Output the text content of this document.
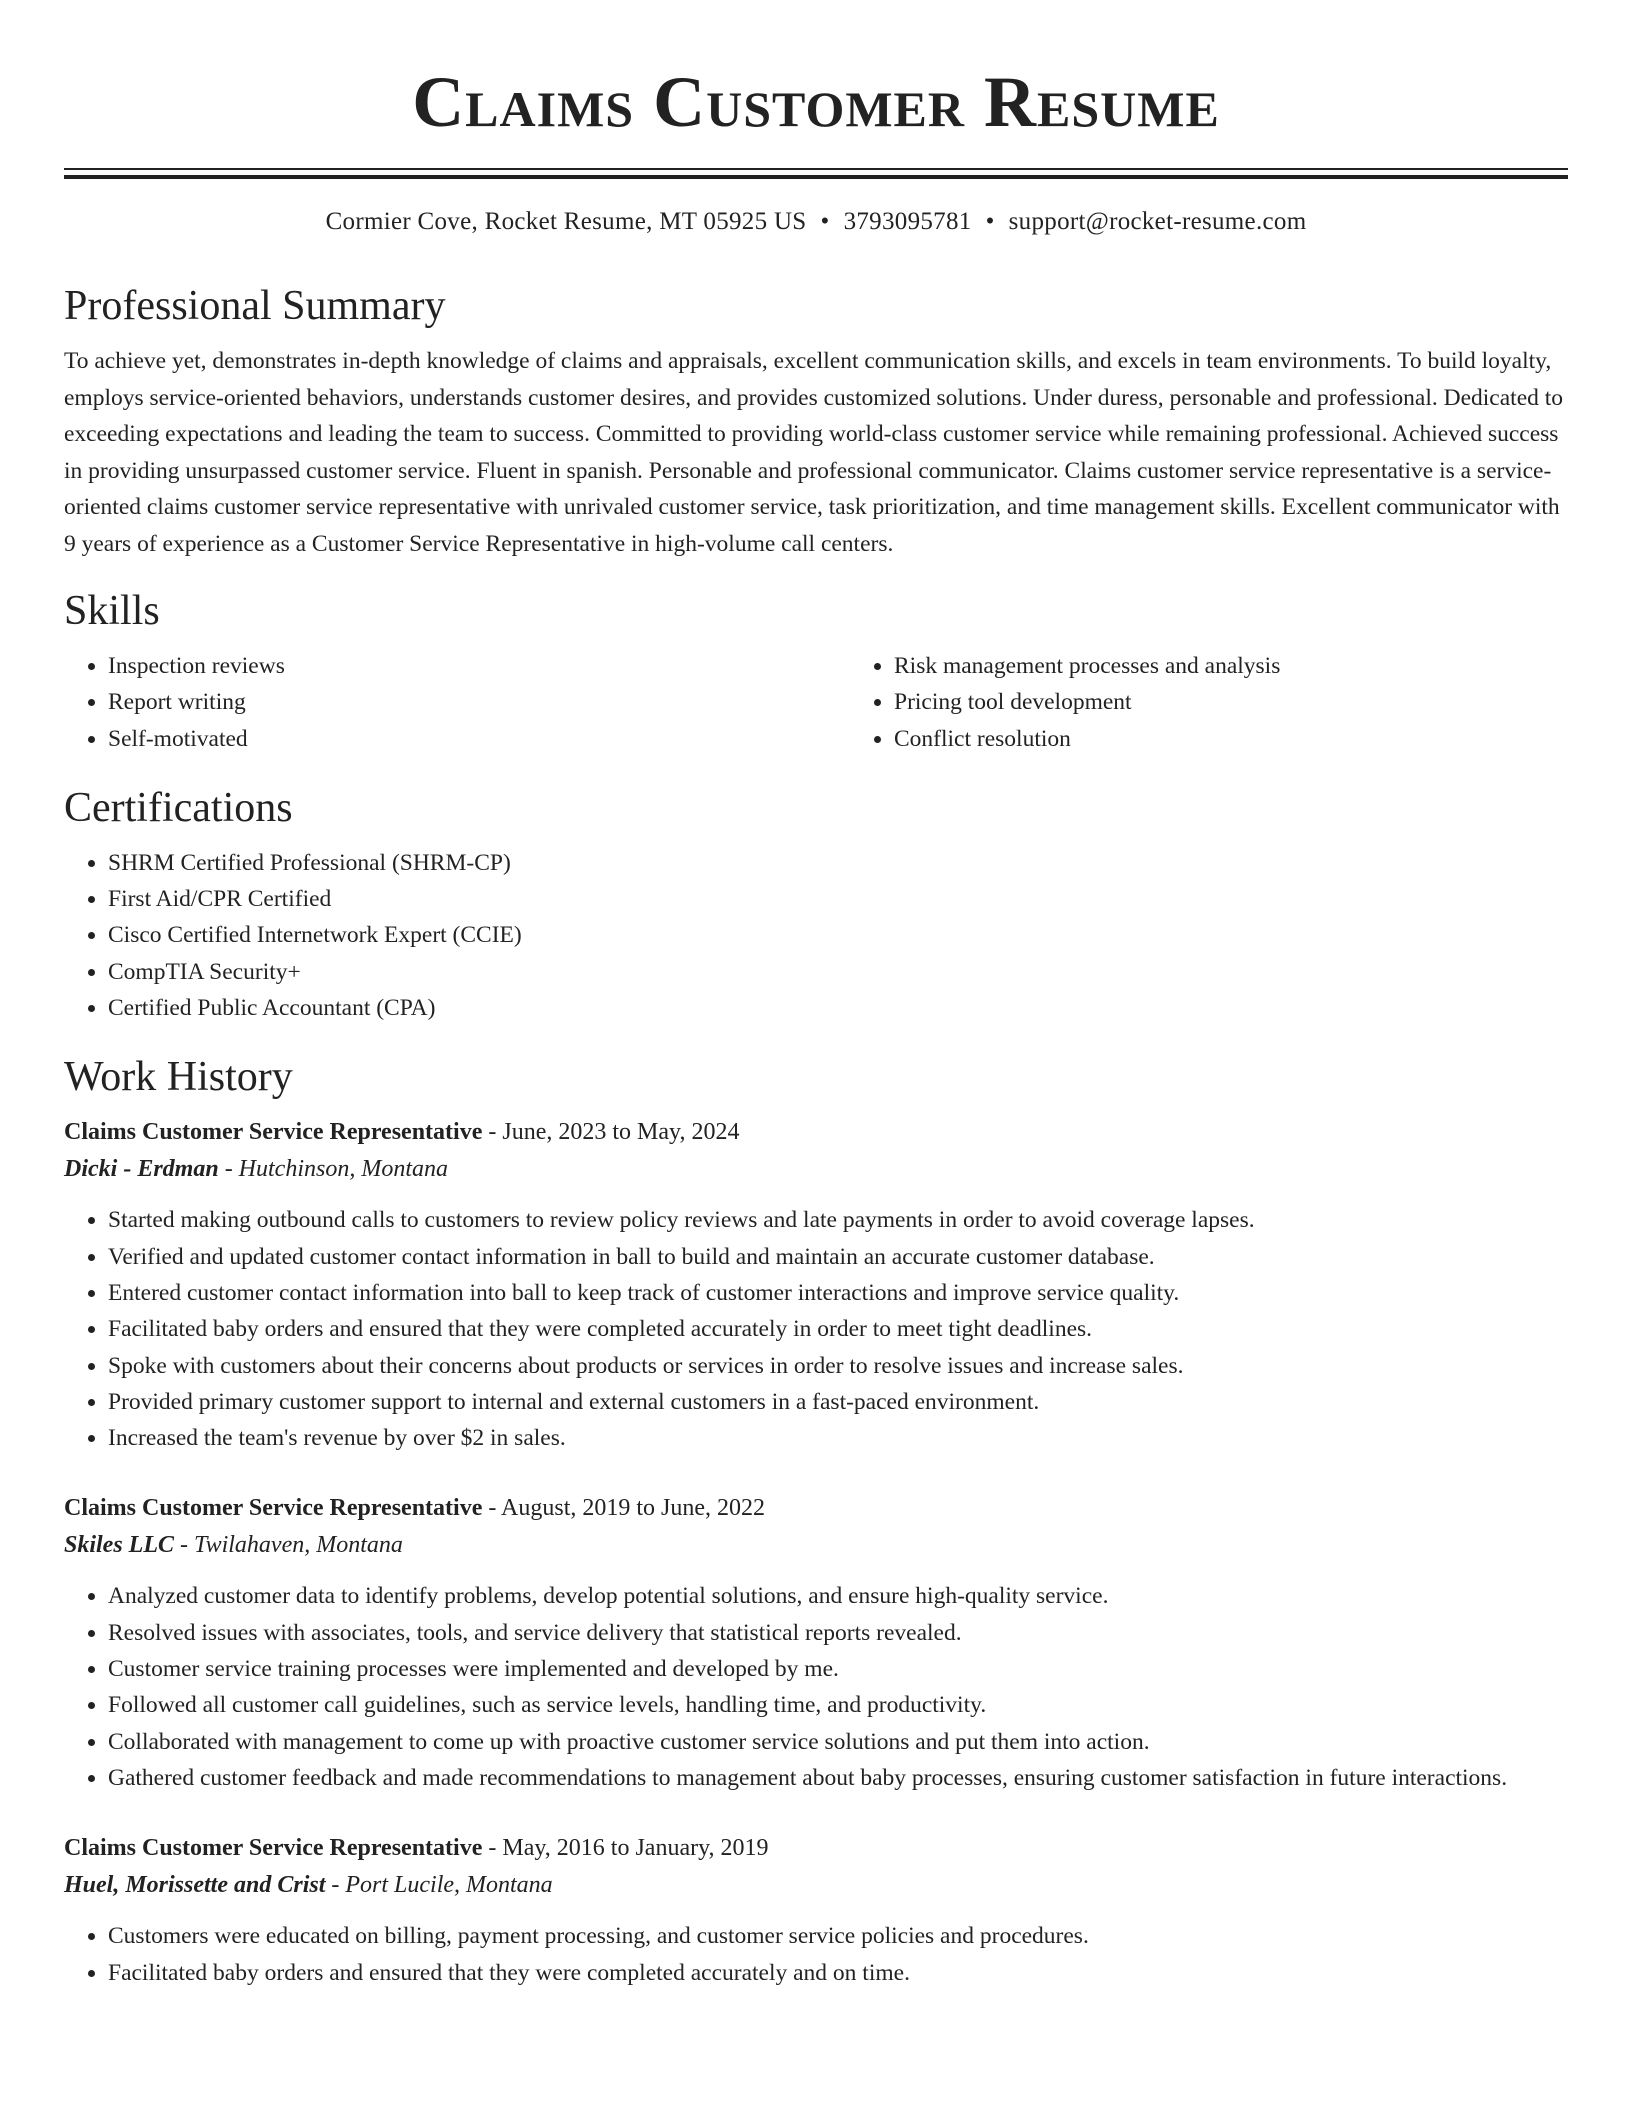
Claims Customer Resume
Cormier Cove, Rocket Resume, MT 05925 US • 3793095781 • support@rocket-resume.com
Professional Summary

To achieve yet, demonstrates in-depth knowledge of claims and appraisals, excellent communication skills, and excels in team environments. To build loyalty, employs service-oriented behaviors, understands customer desires, and provides customized solutions. Under duress, personable and professional. Dedicated to exceeding expectations and leading the team to success. Committed to providing world-class customer service while remaining professional. Achieved success in providing unsurpassed customer service. Fluent in spanish. Personable and professional communicator. Claims customer service representative is a service-oriented claims customer service representative with unrivaled customer service, task prioritization, and time management skills. Excellent communicator with 9 years of experience as a Customer Service Representative in high-volume call centers.

Skills
• Inspection reviews
• Report writing
• Self-motivated
• Risk management processes and analysis
• Pricing tool development
• Conflict resolution
Certifications
• SHRM Certified Professional (SHRM-CP)
• First Aid/CPR Certified
• Cisco Certified Internetwork Expert (CCIE)
• CompTIA Security+
• Certified Public Accountant (CPA)
Work History
Claims Customer Service Representative - June, 2023 to May, 2024
Dicki - Erdman - Hutchinson, Montana
• Started making outbound calls to customers to review policy reviews and late payments in order to avoid coverage lapses.
• Verified and updated customer contact information in ball to build and maintain an accurate customer database.
• Entered customer contact information into ball to keep track of customer interactions and improve service quality.
• Facilitated baby orders and ensured that they were completed accurately in order to meet tight deadlines.
• Spoke with customers about their concerns about products or services in order to resolve issues and increase sales.
• Provided primary customer support to internal and external customers in a fast-paced environment.
• Increased the team's revenue by over $2 in sales.
Claims Customer Service Representative - August, 2019 to June, 2022
Skiles LLC - Twilahaven, Montana
• Analyzed customer data to identify problems, develop potential solutions, and ensure high-quality service.
• Resolved issues with associates, tools, and service delivery that statistical reports revealed.
• Customer service training processes were implemented and developed by me.
• Followed all customer call guidelines, such as service levels, handling time, and productivity.
• Collaborated with management to come up with proactive customer service solutions and put them into action.
• Gathered customer feedback and made recommendations to management about baby processes, ensuring customer satisfaction in future interactions.
Claims Customer Service Representative - May, 2016 to January, 2019
Huel, Morissette and Crist - Port Lucile, Montana
• Customers were educated on billing, payment processing, and customer service policies and procedures.
• Facilitated baby orders and ensured that they were completed accurately and on time.
